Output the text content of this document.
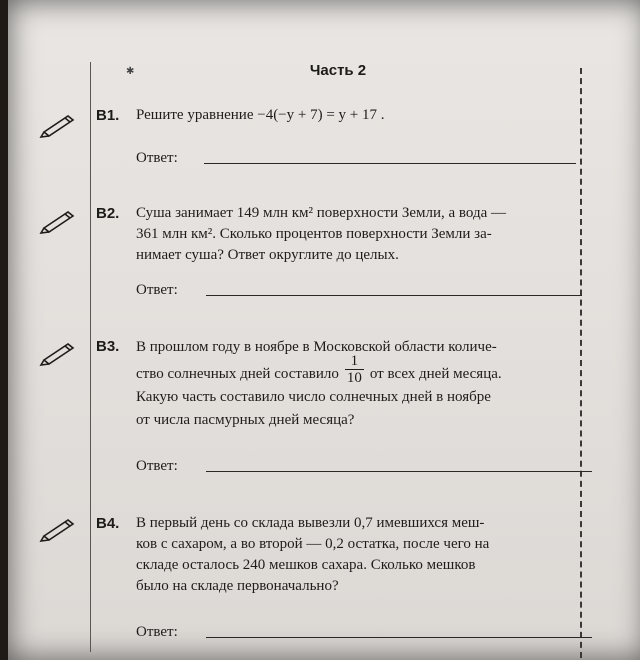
✱	Часть 2
B1. Решите уравнение −4(−y + 7) = y + 17 .
Ответ:
B2. Суша занимает 149 млн км² поверхности Земли, а вода —
361 млн км². Сколько процентов поверхности Земли за-
нимает суша? Ответ округлите до целых.
Ответ:
B3. В прошлом году в ноябре в Московской области количе-
ство солнечных дней составило $\frac{1}{10}$ от всех дней месяца.
Какую часть составило число солнечных дней в ноябре
от числа пасмурных дней месяца?
Ответ:
B4. В первый день со склада вывезли 0,7 имевшихся меш-
ков с сахаром, а во второй — 0,2 остатка, после чего на
складе осталось 240 мешков сахара. Сколько мешков
было на складе первоначально?
Ответ:
